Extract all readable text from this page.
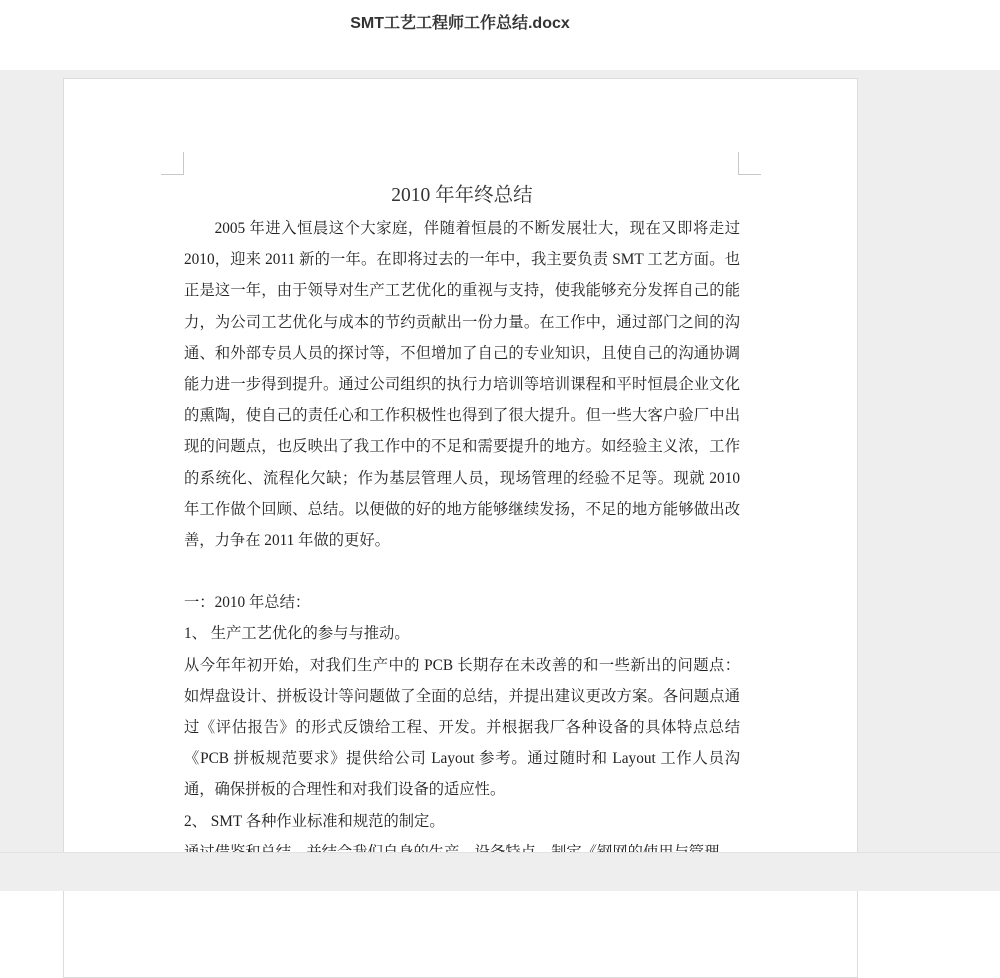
SMT工艺工程师工作总结.docx

2010 年年终总结

2005 年进入恒晨这个大家庭，伴随着恒晨的不断发展壮大，现在又即将走过 2010，迎来 2011 新的一年。在即将过去的一年中，我主要负责 SMT 工艺方面。也正是这一年，由于领导对生产工艺优化的重视与支持，使我能够充分发挥自己的能力，为公司工艺优化与成本的节约贡献出一份力量。在工作中，通过部门之间的沟通、和外部专员人员的探讨等，不但增加了自己的专业知识，且使自己的沟通协调能力进一步得到提升。通过公司组织的执行力培训等培训课程和平时恒晨企业文化的熏陶，使自己的责任心和工作积极性也得到了很大提升。但一些大客户验厂中出现的问题点，也反映出了我工作中的不足和需要提升的地方。如经验主义浓，工作的系统化、流程化欠缺；作为基层管理人员，现场管理的经验不足等。现就 2010 年工作做个回顾、总结。以便做的好的地方能够继续发扬，不足的地方能够做出改善，力争在 2011 年做的更好。

一：2010 年总结：

1、 生产工艺优化的参与与推动。

从今年年初开始，对我们生产中的 PCB 长期存在未改善的和一些新出的问题点：如焊盘设计、拼板设计等问题做了全面的总结，并提出建议更改方案。各问题点通过《评估报告》的形式反馈给工程、开发。并根据我厂各种设备的具体特点总结《PCB 拼板规范要求》提供给公司 Layout 参考。通过随时和 Layout 工作人员沟通，确保拼板的合理性和对我们设备的适应性。

2、 SMT 各种作业标准和规范的制定。
